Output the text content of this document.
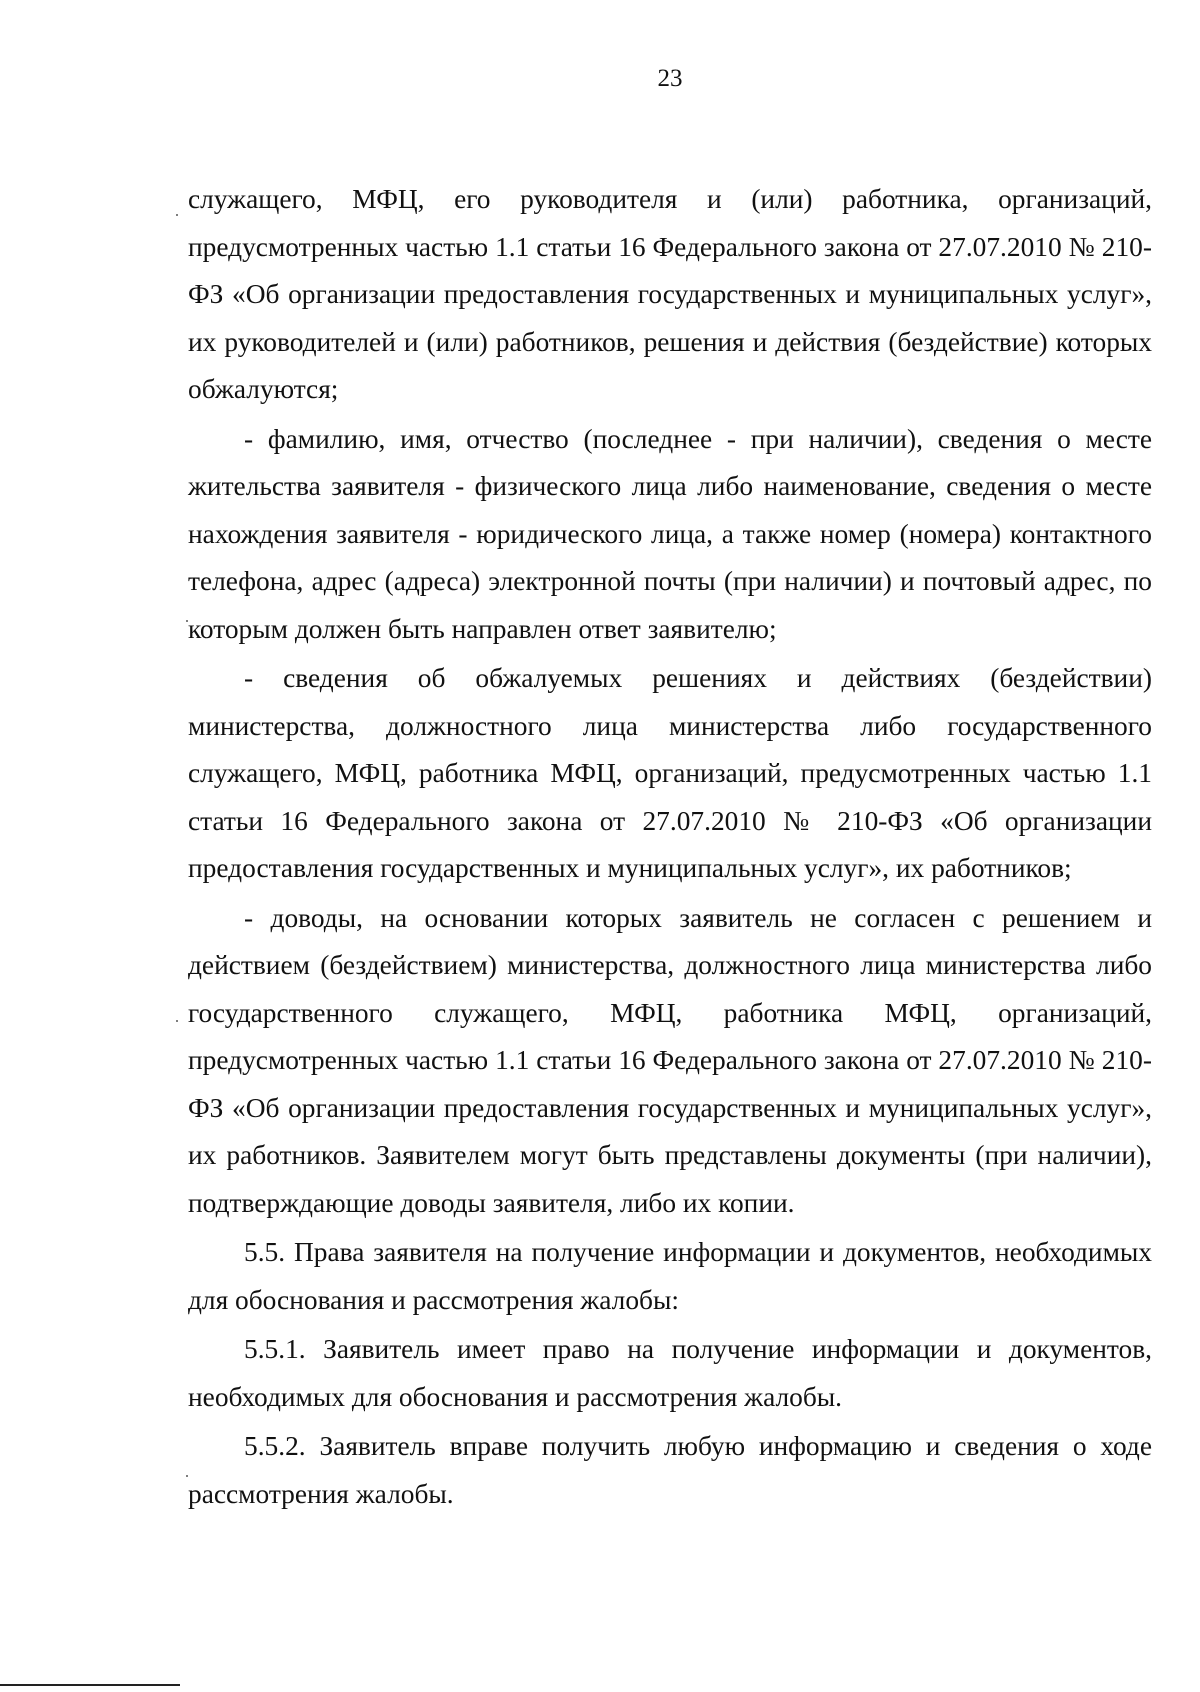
23

служащего, МФЦ, его руководителя и (или) работника, организаций, предусмотренных частью 1.1 статьи 16 Федерального закона от 27.07.2010 № 210-ФЗ «Об организации предоставления государственных и муниципальных услуг», их руководителей и (или) работников, решения и действия (бездействие) которых обжалуются;

- фамилию, имя, отчество (последнее - при наличии), сведения о месте жительства заявителя - физического лица либо наименование, сведения о месте нахождения заявителя - юридического лица, а также номер (номера) контактного телефона, адрес (адреса) электронной почты (при наличии) и почтовый адрес, по которым должен быть направлен ответ заявителю;

- сведения об обжалуемых решениях и действиях (бездействии) министерства, должностного лица министерства либо государственного служащего, МФЦ, работника МФЦ, организаций, предусмотренных частью 1.1 статьи 16 Федерального закона от 27.07.2010 № 210-ФЗ «Об организации предоставления государственных и муниципальных услуг», их работников;

- доводы, на основании которых заявитель не согласен с решением и действием (бездействием) министерства, должностного лица министерства либо государственного служащего, МФЦ, работника МФЦ, организаций, предусмотренных частью 1.1 статьи 16 Федерального закона от 27.07.2010 № 210-ФЗ «Об организации предоставления государственных и муниципальных услуг», их работников. Заявителем могут быть представлены документы (при наличии), подтверждающие доводы заявителя, либо их копии.

5.5. Права заявителя на получение информации и документов, необходимых для обоснования и рассмотрения жалобы:

5.5.1. Заявитель имеет право на получение информации и документов, необходимых для обоснования и рассмотрения жалобы.

5.5.2. Заявитель вправе получить любую информацию и сведения о ходе рассмотрения жалобы.
